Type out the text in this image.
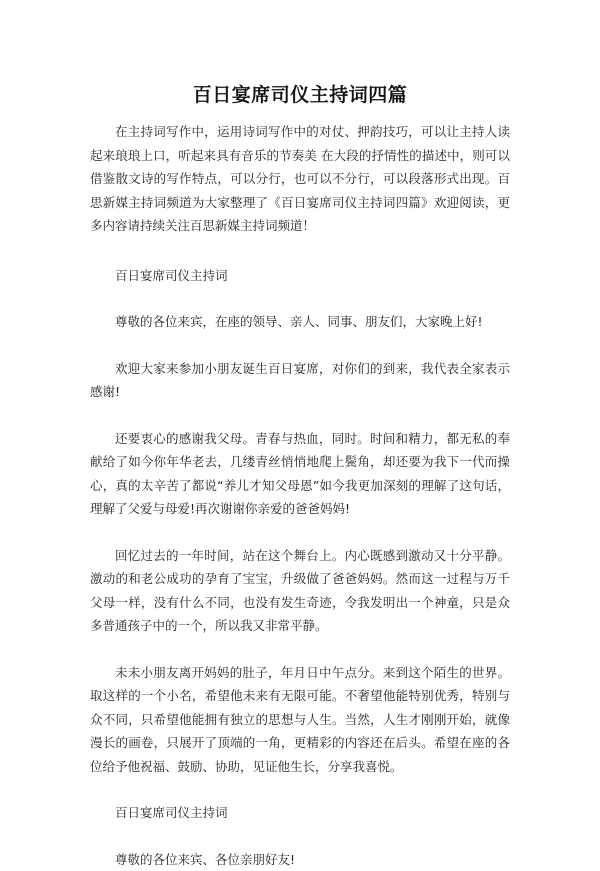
百日宴席司仪主持词四篇

在主持词写作中，运用诗词写作中的对仗、押韵技巧，可以让主持人读起来琅琅上口，听起来具有音乐的节奏美 在大段的抒情性的描述中，则可以借鉴散文诗的写作特点，可以分行，也可以不分行，可以段落形式出现。百思新媒主持词频道为大家整理了《百日宴席司仪主持词四篇》欢迎阅读，更多内容请持续关注百思新媒主持词频道！

百日宴席司仪主持词

尊敬的各位来宾，在座的领导、亲人、同事、朋友们，大家晚上好!

欢迎大家来参加小朋友诞生百日宴席，对你们的到来，我代表全家表示感谢!

还要衷心的感谢我父母。青春与热血，同时。时间和精力，都无私的奉献给了如今你年华老去，几缕青丝悄悄地爬上鬓角，却还要为我下一代而操心，真的太辛苦了都说“养儿才知父母恩”如今我更加深刻的理解了这句话，理解了父爱与母爱!再次谢谢你亲爱的爸爸妈妈!

回忆过去的一年时间，站在这个舞台上。内心既感到激动又十分平静。激动的和老公成功的孕育了宝宝，升级做了爸爸妈妈。然而这一过程与万千父母一样，没有什么不同，也没有发生奇迹，令我发明出一个神童，只是众多普通孩子中的一个，所以我又非常平静。

未未小朋友离开妈妈的肚子，年月日中午点分。来到这个陌生的世界。取这样的一个小名，希望他未来有无限可能。不奢望他能特别优秀，特别与众不同，只希望他能拥有独立的思想与人生。当然，人生才刚刚开始，就像漫长的画卷，只展开了顶端的一角，更精彩的内容还在后头。希望在座的各位给予他祝福、鼓励、协助，见证他生长，分享我喜悦。

百日宴席司仪主持词

尊敬的各位来宾、各位亲朋好友!
